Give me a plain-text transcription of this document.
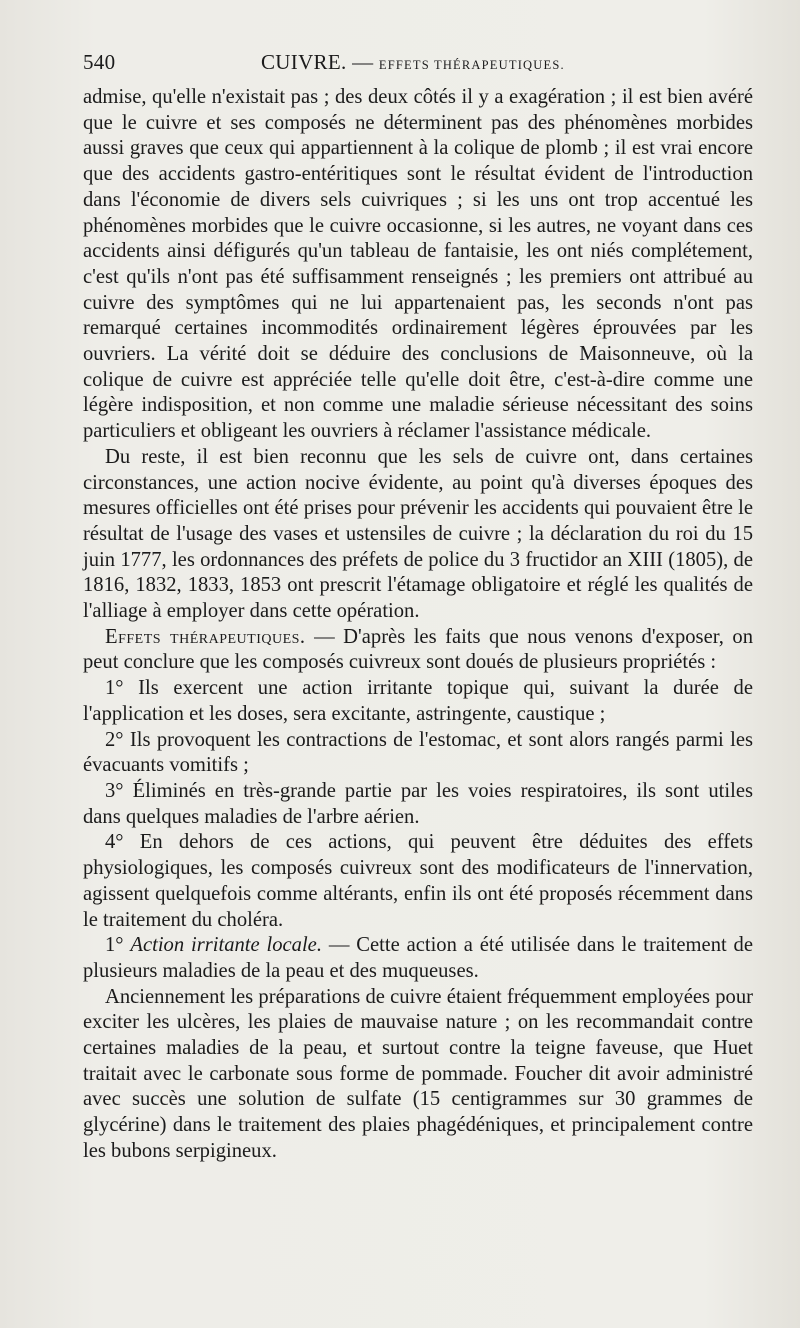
540	CUIVRE. — EFFETS THÉRAPEUTIQUES.

admise, qu'elle n'existait pas ; des deux côtés il y a exagération ; il est bien avéré que le cuivre et ses composés ne déterminent pas des phénomènes morbides aussi graves que ceux qui appartiennent à la colique de plomb ; il est vrai encore que des accidents gastro-entéritiques sont le résultat évident de l'introduction dans l'économie de divers sels cuivriques ; si les uns ont trop accentué les phénomènes morbides que le cuivre occasionne, si les autres, ne voyant dans ces accidents ainsi défigurés qu'un tableau de fantaisie, les ont niés complétement, c'est qu'ils n'ont pas été suffisamment renseignés ; les premiers ont attribué au cuivre des symptômes qui ne lui appartenaient pas, les seconds n'ont pas remarqué certaines incommodités ordinairement légères éprouvées par les ouvriers. La vérité doit se déduire des conclusions de Maisonneuve, où la colique de cuivre est appréciée telle qu'elle doit être, c'est-à-dire comme une légère indisposition, et non comme une maladie sérieuse nécessitant des soins particuliers et obligeant les ouvriers à réclamer l'assistance médicale.

Du reste, il est bien reconnu que les sels de cuivre ont, dans certaines circonstances, une action nocive évidente, au point qu'à diverses époques des mesures officielles ont été prises pour prévenir les accidents qui pouvaient être le résultat de l'usage des vases et ustensiles de cuivre ; la déclaration du roi du 15 juin 1777, les ordonnances des préfets de police du 3 fructidor an XIII (1805), de 1816, 1832, 1833, 1853 ont prescrit l'étamage obligatoire et réglé les qualités de l'alliage à employer dans cette opération.

Effets thérapeutiques. — D'après les faits que nous venons d'exposer, on peut conclure que les composés cuivreux sont doués de plusieurs propriétés :

1° Ils exercent une action irritante topique qui, suivant la durée de l'application et les doses, sera excitante, astringente, caustique ;

2° Ils provoquent les contractions de l'estomac, et sont alors rangés parmi les évacuants vomitifs ;

3° Éliminés en très-grande partie par les voies respiratoires, ils sont utiles dans quelques maladies de l'arbre aérien.

4° En dehors de ces actions, qui peuvent être déduites des effets physiologiques, les composés cuivreux sont des modificateurs de l'innervation, agissent quelquefois comme altérants, enfin ils ont été proposés récemment dans le traitement du choléra.

1° Action irritante locale. — Cette action a été utilisée dans le traitement de plusieurs maladies de la peau et des muqueuses.

Anciennement les préparations de cuivre étaient fréquemment employées pour exciter les ulcères, les plaies de mauvaise nature ; on les recommandait contre certaines maladies de la peau, et surtout contre la teigne faveuse, que Huet traitait avec le carbonate sous forme de pommade. Foucher dit avoir administré avec succès une solution de sulfate (15 centigrammes sur 30 grammes de glycérine) dans le traitement des plaies phagédéniques, et principalement contre les bubons serpigineux.
